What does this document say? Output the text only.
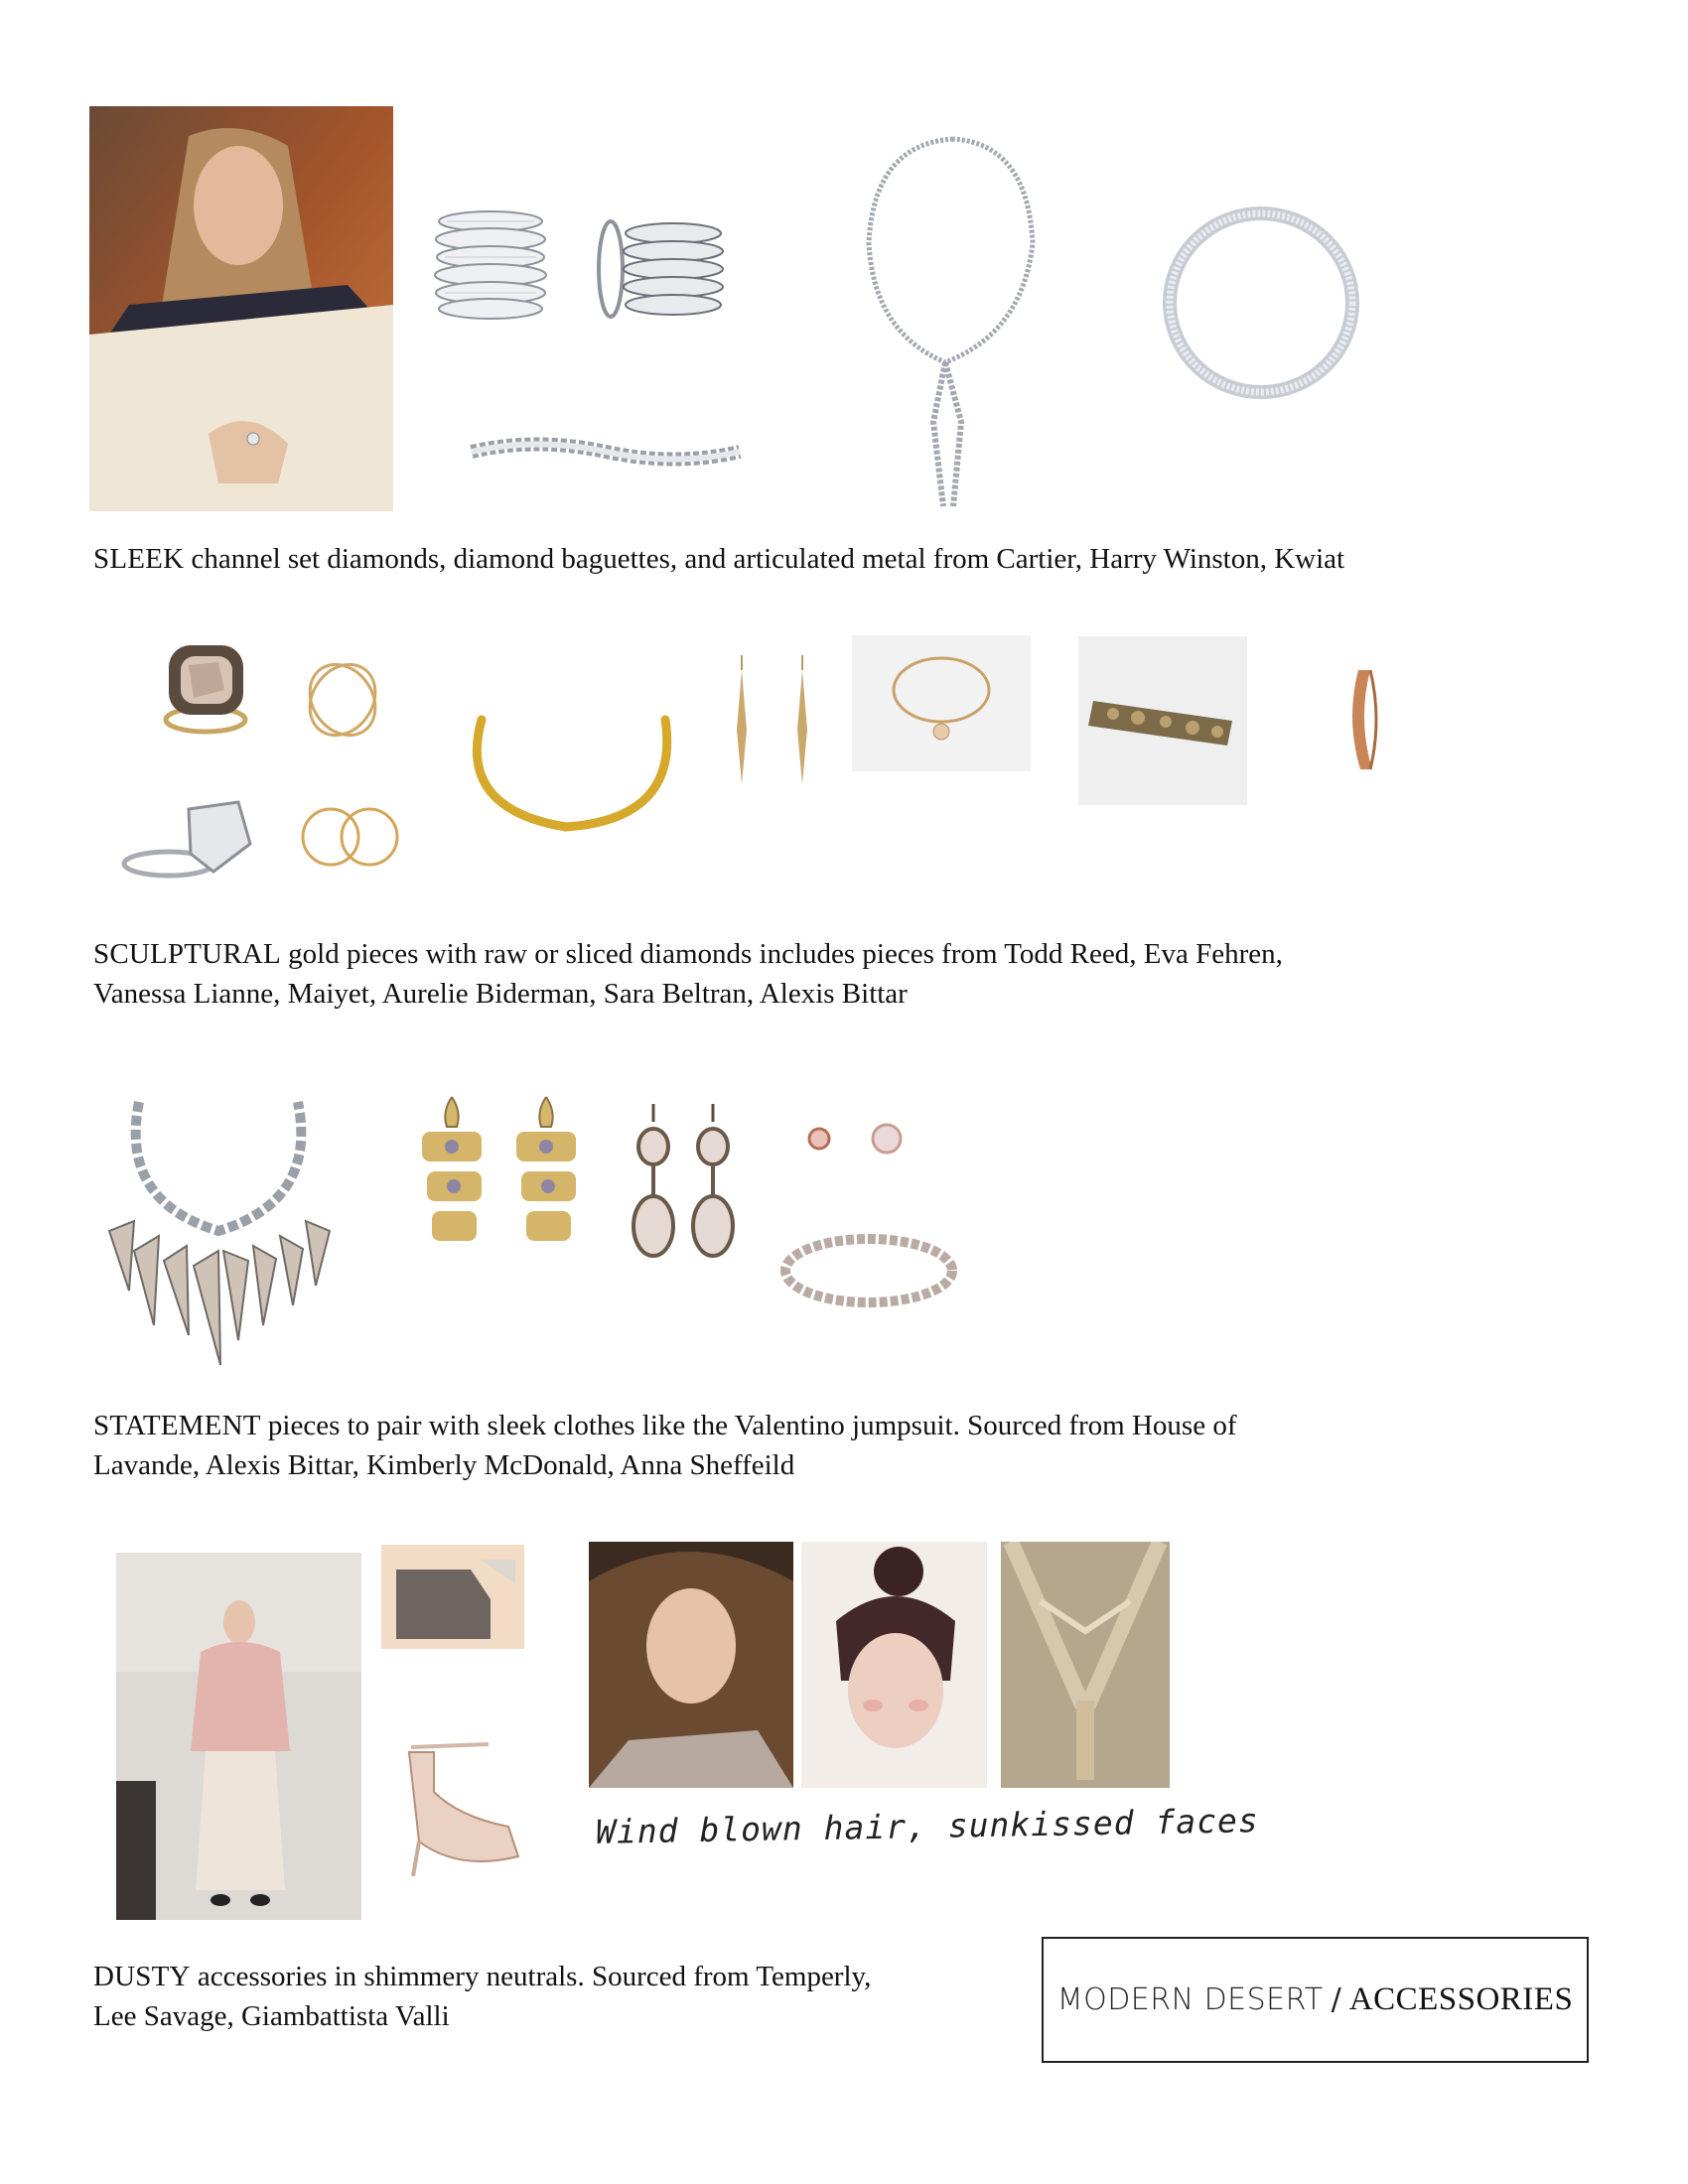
SLEEK channel set diamonds, diamond baguettes, and articulated metal from Cartier, Harry Winston, Kwiat

SCULPTURAL gold pieces with raw or sliced diamonds includes pieces from Todd Reed, Eva Fehren,
Vanessa Lianne, Maiyet, Aurelie Biderman, Sara Beltran, Alexis Bittar

STATEMENT pieces to pair with sleek clothes like the Valentino jumpsuit. Sourced from House of
Lavande, Alexis Bittar, Kimberly McDonald, Anna Sheffeild

Wind blown hair, sunkissed faces

DUSTY accessories in shimmery neutrals. Sourced from Temperly,
Lee Savage, Giambattista Valli	MODERN DESERT / ACCESSORIES
